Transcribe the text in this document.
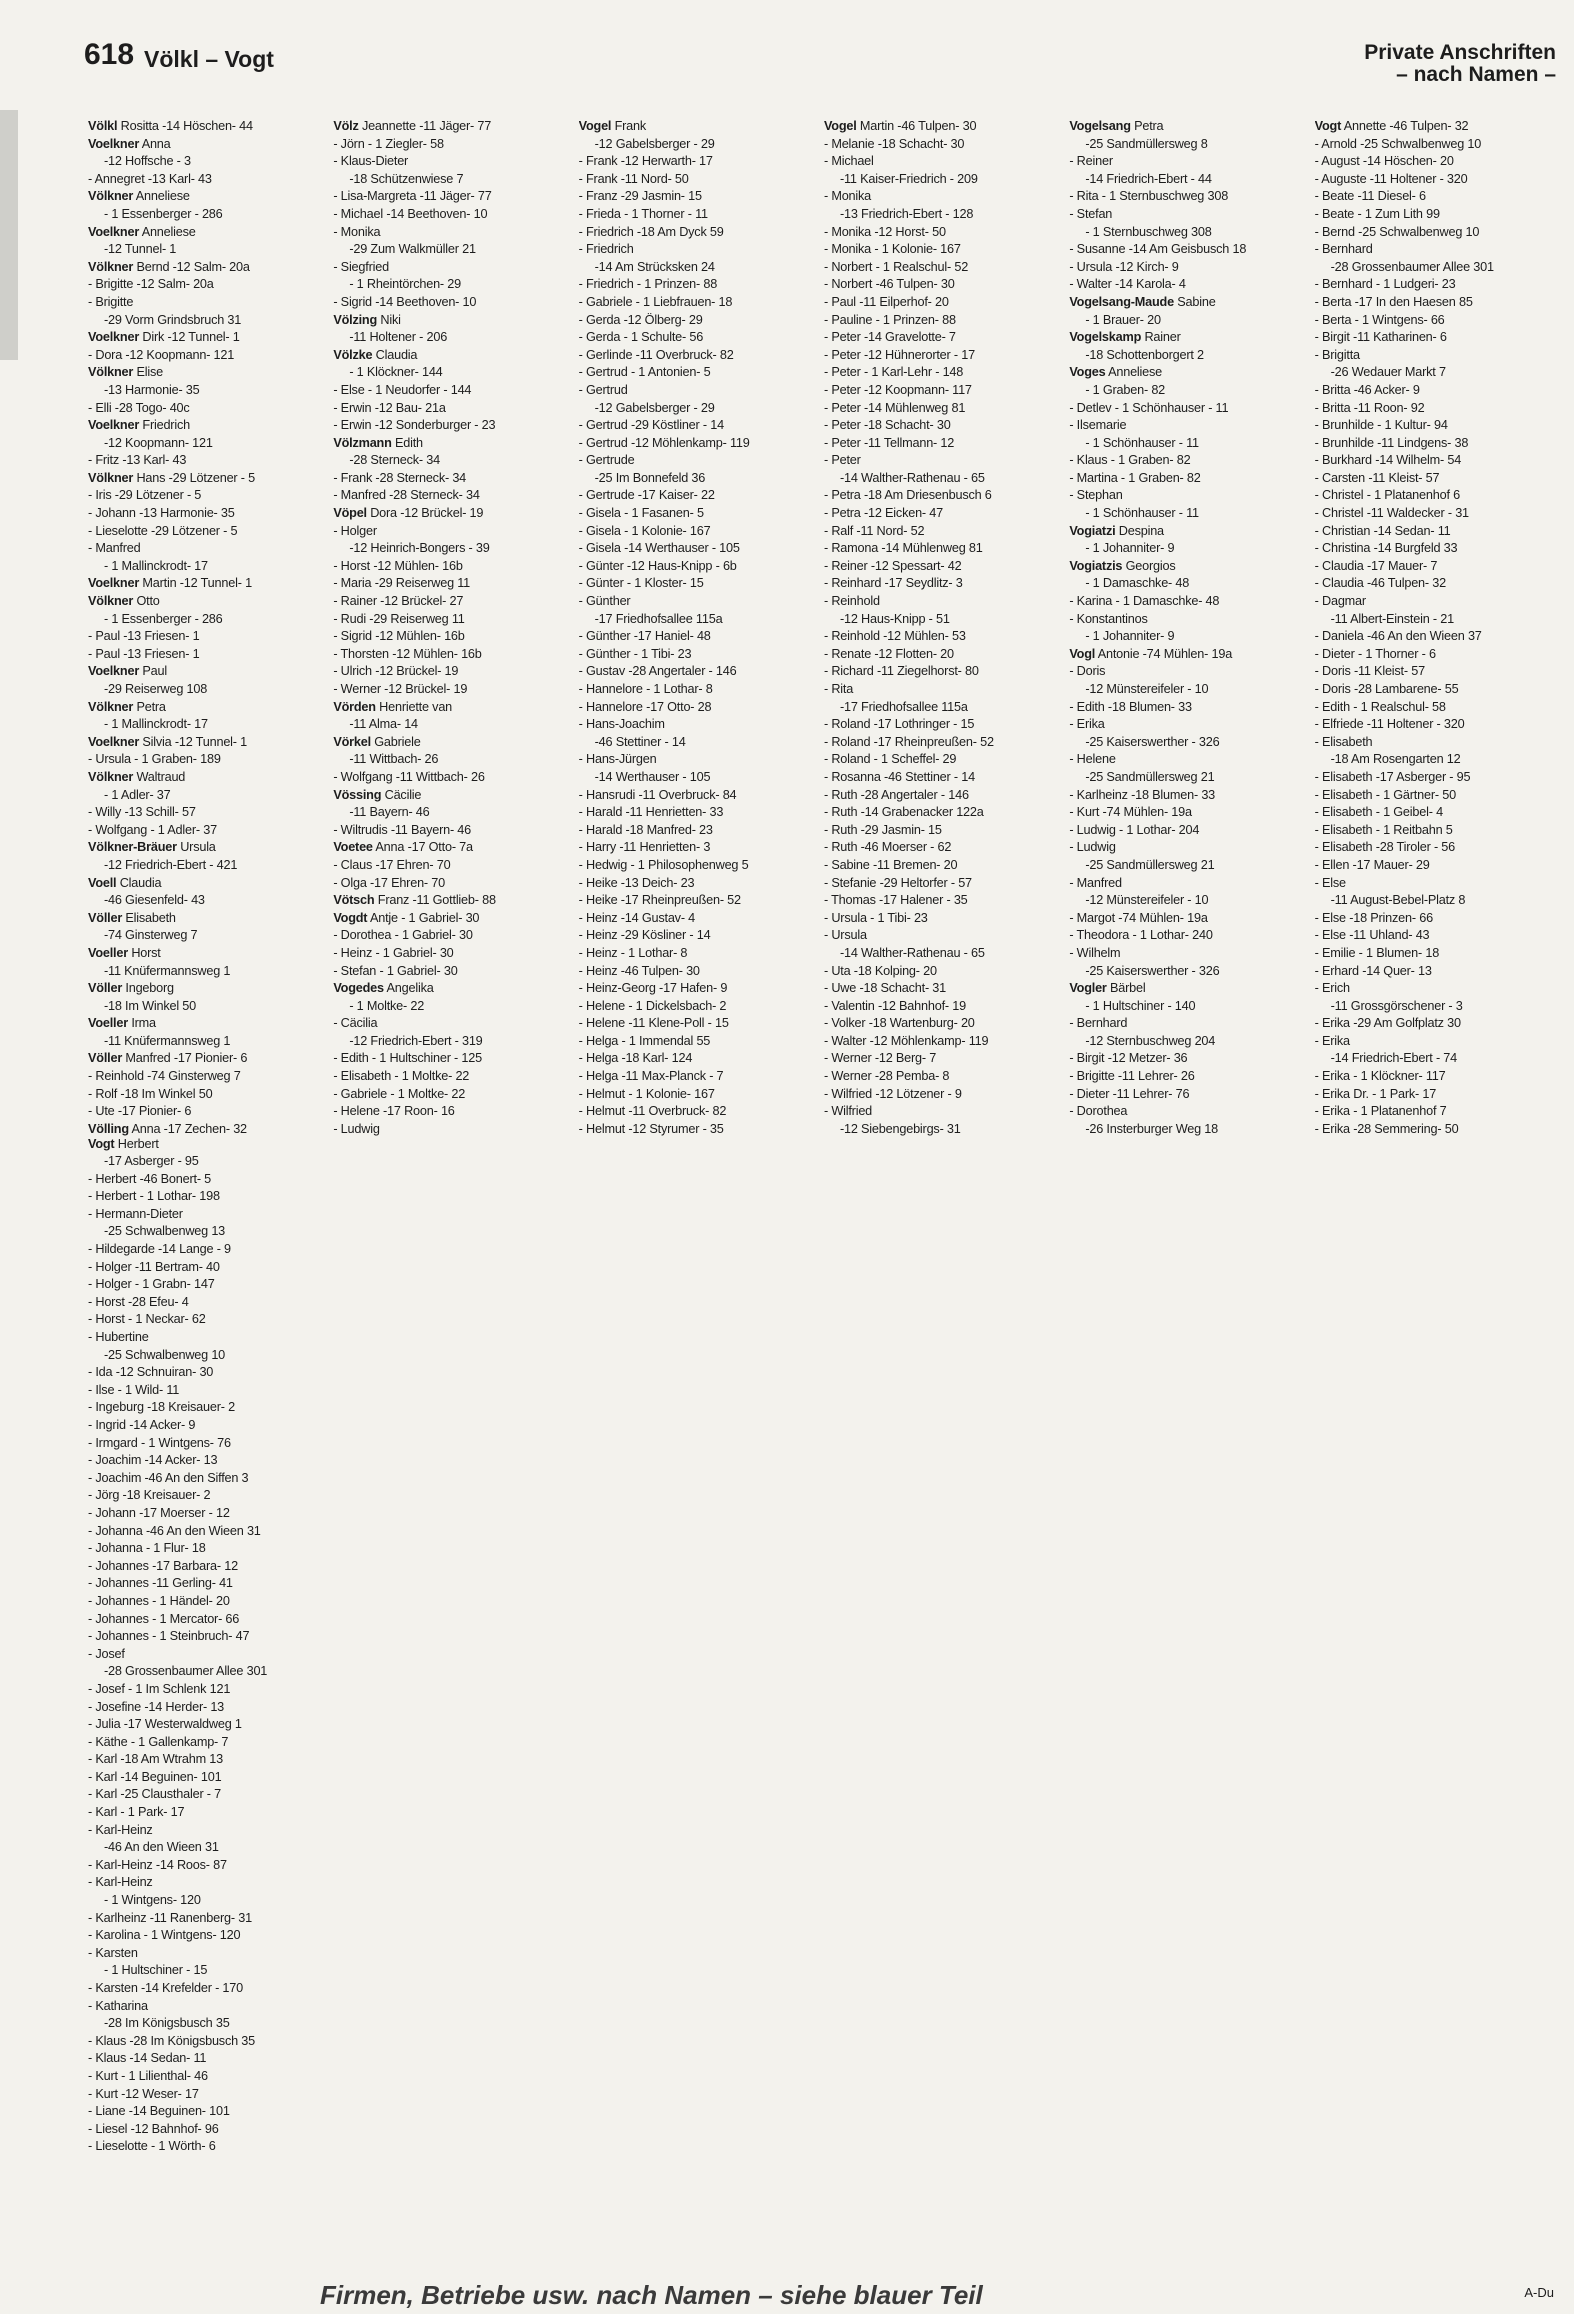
618 Völkl – Vogt	Private Anschriften
– nach Namen –
Völkl Rositta -14 Höschen- 44
Voelkner Anna
-12 Hoffsche - 3
- Annegret -13 Karl- 43
Völkner Anneliese
- 1 Essenberger - 286
Voelkner Anneliese
-12 Tunnel- 1
Völkner Bernd -12 Salm- 20a
- Brigitte -12 Salm- 20a
- Brigitte
-29 Vorm Grindsbruch 31
Voelkner Dirk -12 Tunnel- 1
- Dora -12 Koopmann- 121
Völkner Elise
-13 Harmonie- 35
- Elli -28 Togo- 40c
Voelkner Friedrich
-12 Koopmann- 121
- Fritz -13 Karl- 43
Völkner Hans -29 Lötzener - 5
- Iris -29 Lötzener - 5
- Johann -13 Harmonie- 35
- Lieselotte -29 Lötzener - 5
- Manfred
- 1 Mallinckrodt- 17
Voelkner Martin -12 Tunnel- 1
Völkner Otto
- 1 Essenberger - 286
- Paul -13 Friesen- 1
- Paul -13 Friesen- 1
Voelkner Paul
-29 Reiserweg 108
Völkner Petra
- 1 Mallinckrodt- 17
Voelkner Silvia -12 Tunnel- 1
- Ursula - 1 Graben- 189
Völkner Waltraud
- 1 Adler- 37
- Willy -13 Schill- 57
- Wolfgang - 1 Adler- 37
Völkner-Bräuer Ursula
-12 Friedrich-Ebert - 421
Voell Claudia
-46 Giesenfeld- 43
Völler Elisabeth
-74 Ginsterweg 7
Voeller Horst
-11 Knüfermannsweg 1
Völler Ingeborg
-18 Im Winkel 50
Voeller Irma
-11 Knüfermannsweg 1
Völler Manfred -17 Pionier- 6
- Reinhold -74 Ginsterweg 7
- Rolf -18 Im Winkel 50
- Ute -17 Pionier- 6
Völling Anna -17 Zechen- 32
Völz Jeannette -11 Jäger- 77
- Jörn - 1 Ziegler- 58
- Klaus-Dieter
-18 Schützenwiese 7
- Lisa-Margreta -11 Jäger- 77
- Michael -14 Beethoven- 10
- Monika
-29 Zum Walkmüller 21
- Siegfried
- 1 Rheintörchen- 29
- Sigrid -14 Beethoven- 10
Völzing Niki
-11 Holtener - 206
Völzke Claudia
- 1 Klöckner- 144
- Else - 1 Neudorfer - 144
- Erwin -12 Bau- 21a
- Erwin -12 Sonderburger - 23
Völzmann Edith
-28 Sterneck- 34
- Frank -28 Sterneck- 34
- Manfred -28 Sterneck- 34
Vöpel Dora -12 Brückel- 19
- Holger
-12 Heinrich-Bongers - 39
- Horst -12 Mühlen- 16b
- Maria -29 Reiserweg 11
- Rainer -12 Brückel- 27
- Rudi -29 Reiserweg 11
- Sigrid -12 Mühlen- 16b
- Thorsten -12 Mühlen- 16b
- Ulrich -12 Brückel- 19
- Werner -12 Brückel- 19
Vörden Henriette van
-11 Alma- 14
Vörkel Gabriele
-11 Wittbach- 26
- Wolfgang -11 Wittbach- 26
Vössing Cäcilie
-11 Bayern- 46
- Wiltrudis -11 Bayern- 46
Voetee Anna -17 Otto- 7a
- Claus -17 Ehren- 70
- Olga -17 Ehren- 70
Vötsch Franz -11 Gottlieb- 88
Vogdt Antje - 1 Gabriel- 30
- Dorothea - 1 Gabriel- 30
- Heinz - 1 Gabriel- 30
- Stefan - 1 Gabriel- 30
Vogedes Angelika
- 1 Moltke- 22
- Cäcilia
-12 Friedrich-Ebert - 319
- Edith - 1 Hultschiner - 125
- Elisabeth - 1 Moltke- 22
- Gabriele - 1 Moltke- 22
- Helene -17 Roon- 16
- Ludwig
Vogel Frank
-12 Gabelsberger - 29
- Frank -12 Herwarth- 17
- Frank -11 Nord- 50
- Franz -29 Jasmin- 15
- Frieda - 1 Thorner - 11
- Friedrich -18 Am Dyck 59
- Friedrich
-14 Am Strücksken 24
- Friedrich - 1 Prinzen- 88
- Gabriele - 1 Liebfrauen- 18
- Gerda -12 Ölberg- 29
- Gerda - 1 Schulte- 56
- Gerlinde -11 Overbruck- 82
- Gertrud - 1 Antonien- 5
- Gertrud
-12 Gabelsberger - 29
- Gertrud -29 Köstliner - 14
- Gertrud -12 Möhlenkamp- 119
- Gertrude
-25 Im Bonnefeld 36
- Gertrude -17 Kaiser- 22
- Gisela - 1 Fasanen- 5
- Gisela - 1 Kolonie- 167
- Gisela -14 Werthauser - 105
- Günter -12 Haus-Knipp - 6b
- Günter - 1 Kloster- 15
- Günther
-17 Friedhofsallee 115a
- Günther -17 Haniel- 48
- Günther - 1 Tibi- 23
- Gustav -28 Angertaler - 146
- Hannelore - 1 Lothar- 8
- Hannelore -17 Otto- 28
- Hans-Joachim
-46 Stettiner - 14
- Hans-Jürgen
-14 Werthauser - 105
- Hansrudi -11 Overbruck- 84
- Harald -11 Henrietten- 33
- Harald -18 Manfred- 23
- Harry -11 Henrietten- 3
- Hedwig - 1 Philosophenweg 5
- Heike -13 Deich- 23
- Heike -17 Rheinpreußen- 52
- Heinz -14 Gustav- 4
- Heinz -29 Kösliner - 14
- Heinz - 1 Lothar- 8
- Heinz -46 Tulpen- 30
- Heinz-Georg -17 Hafen- 9
- Helene - 1 Dickelsbach- 2
- Helene -11 Klene-Poll - 15
- Helga - 1 Immendal 55
- Helga -18 Karl- 124
- Helga -11 Max-Planck - 7
- Helmut - 1 Kolonie- 167
- Helmut -11 Overbruck- 82
- Helmut -12 Styrumer - 35
Vogel Martin -46 Tulpen- 30
- Melanie -18 Schacht- 30
- Michael
-11 Kaiser-Friedrich - 209
- Monika
-13 Friedrich-Ebert - 128
- Monika -12 Horst- 50
- Monika - 1 Kolonie- 167
- Norbert - 1 Realschul- 52
- Norbert -46 Tulpen- 30
- Paul -11 Eilperhof- 20
- Pauline - 1 Prinzen- 88
- Peter -14 Gravelotte- 7
- Peter -12 Hühnerorter - 17
- Peter - 1 Karl-Lehr - 148
- Peter -12 Koopmann- 117
- Peter -14 Mühlenweg 81
- Peter -18 Schacht- 30
- Peter -11 Tellmann- 12
- Peter
-14 Walther-Rathenau - 65
- Petra -18 Am Driesenbusch 6
- Petra -12 Eicken- 47
- Ralf -11 Nord- 52
- Ramona -14 Mühlenweg 81
- Reiner -12 Spessart- 42
- Reinhard -17 Seydlitz- 3
- Reinhold
-12 Haus-Knipp - 51
- Reinhold -12 Mühlen- 53
- Renate -12 Flotten- 20
- Richard -11 Ziegelhorst- 80
- Rita
-17 Friedhofsallee 115a
- Roland -17 Lothringer - 15
- Roland -17 Rheinpreußen- 52
- Roland - 1 Scheffel- 29
- Rosanna -46 Stettiner - 14
- Ruth -28 Angertaler - 146
- Ruth -14 Grabenacker 122a
- Ruth -29 Jasmin- 15
- Ruth -46 Moerser - 62
- Sabine -11 Bremen- 20
- Stefanie -29 Heltorfer - 57
- Thomas -17 Halener - 35
- Ursula - 1 Tibi- 23
- Ursula
-14 Walther-Rathenau - 65
- Uta -18 Kolping- 20
- Uwe -18 Schacht- 31
- Valentin -12 Bahnhof- 19
- Volker -18 Wartenburg- 20
- Walter -12 Möhlenkamp- 119
- Werner -12 Berg- 7
- Werner -28 Pemba- 8
- Wilfried -12 Lötzener - 9
- Wilfried
-12 Siebengebirgs- 31
Vogelsang Petra
-25 Sandmüllersweg 8
- Reiner
-14 Friedrich-Ebert - 44
- Rita - 1 Sternbuschweg 308
- Stefan
- 1 Sternbuschweg 308
- Susanne -14 Am Geisbusch 18
- Ursula -12 Kirch- 9
- Walter -14 Karola- 4
Vogelsang-Maude Sabine
- 1 Brauer- 20
Vogelskamp Rainer
-18 Schottenborgert 2
Voges Anneliese
- 1 Graben- 82
- Detlev - 1 Schönhauser - 11
- Ilsemarie
- 1 Schönhauser - 11
- Klaus - 1 Graben- 82
- Martina - 1 Graben- 82
- Stephan
- 1 Schönhauser - 11
Vogiatzi Despina
- 1 Johanniter- 9
Vogiatzis Georgios
- 1 Damaschke- 48
- Karina - 1 Damaschke- 48
- Konstantinos
- 1 Johanniter- 9
Vogl Antonie -74 Mühlen- 19a
- Doris
-12 Münstereifeler - 10
- Edith -18 Blumen- 33
- Erika
-25 Kaiserswerther - 326
- Helene
-25 Sandmüllersweg 21
- Karlheinz -18 Blumen- 33
- Kurt -74 Mühlen- 19a
- Ludwig - 1 Lothar- 204
- Ludwig
-25 Sandmüllersweg 21
- Manfred
-12 Münstereifeler - 10
- Margot -74 Mühlen- 19a
- Theodora - 1 Lothar- 240
- Wilhelm
-25 Kaiserswerther - 326
Vogler Bärbel
- 1 Hultschiner - 140
- Bernhard
-12 Sternbuschweg 204
- Birgit -12 Metzer- 36
- Brigitte -11 Lehrer- 26
- Dieter -11 Lehrer- 76
- Dorothea
-26 Insterburger Weg 18
Vogt Annette -46 Tulpen- 32
- Arnold -25 Schwalbenweg 10
- August -14 Höschen- 20
- Auguste -11 Holtener - 320
- Beate -11 Diesel- 6
- Beate - 1 Zum Lith 99
- Bernd -25 Schwalbenweg 10
- Bernhard
-28 Grossenbaumer Allee 301
- Bernhard - 1 Ludgeri- 23
- Berta -17 In den Haesen 85
- Berta - 1 Wintgens- 66
- Birgit -11 Katharinen- 6
- Brigitta
-26 Wedauer Markt 7
- Britta -46 Acker- 9
- Britta -11 Roon- 92
- Brunhilde - 1 Kultur- 94
- Brunhilde -11 Lindgens- 38
- Burkhard -14 Wilhelm- 54
- Carsten -11 Kleist- 57
- Christel - 1 Platanenhof 6
- Christel -11 Waldecker - 31
- Christian -14 Sedan- 11
- Christina -14 Burgfeld 33
- Claudia -17 Mauer- 7
- Claudia -46 Tulpen- 32
- Dagmar
-11 Albert-Einstein - 21
- Daniela -46 An den Wieen 37
- Dieter - 1 Thorner - 6
- Doris -11 Kleist- 57
- Doris -28 Lambarene- 55
- Edith - 1 Realschul- 58
- Elfriede -11 Holtener - 320
- Elisabeth
-18 Am Rosengarten 12
- Elisabeth -17 Asberger - 95
- Elisabeth - 1 Gärtner- 50
- Elisabeth - 1 Geibel- 4
- Elisabeth - 1 Reitbahn 5
- Elisabeth -28 Tiroler - 56
- Ellen -17 Mauer- 29
- Else
-11 August-Bebel-Platz 8
- Else -18 Prinzen- 66
- Else -11 Uhland- 43
- Emilie - 1 Blumen- 18
- Erhard -14 Quer- 13
- Erich
-11 Grossgörschener - 3
- Erika -29 Am Golfplatz 30
- Erika
-14 Friedrich-Ebert - 74
- Erika - 1 Klöckner- 117
- Erika Dr. - 1 Park- 17
- Erika - 1 Platanenhof 7
- Erika -28 Semmering- 50
Vogt Herbert
-17 Asberger - 95
- Herbert -46 Bonert- 5
- Herbert - 1 Lothar- 198
- Hermann-Dieter
-25 Schwalbenweg 13
- Hildegarde -14 Lange - 9
- Holger -11 Bertram- 40
- Holger - 1 Grabn- 147
- Horst -28 Efeu- 4
- Horst - 1 Neckar- 62
- Hubertine
-25 Schwalbenweg 10
- Ida -12 Schnuiran- 30
- Ilse - 1 Wild- 11
- Ingeburg -18 Kreisauer- 2
- Ingrid -14 Acker- 9
- Irmgard - 1 Wintgens- 76
- Joachim -14 Acker- 13
- Joachim -46 An den Siffen 3
- Jörg -18 Kreisauer- 2
- Johann -17 Moerser - 12
- Johanna -46 An den Wieen 31
- Johanna - 1 Flur- 18
- Johannes -17 Barbara- 12
- Johannes -11 Gerling- 41
- Johannes - 1 Händel- 20
- Johannes - 1 Mercator- 66
- Johannes - 1 Steinbruch- 47
- Josef
-28 Grossenbaumer Allee 301
- Josef - 1 Im Schlenk 121
- Josefine -14 Herder- 13
- Julia -17 Westerwaldweg 1
- Käthe - 1 Gallenkamp- 7
- Karl -18 Am Wtrahm 13
- Karl -14 Beguinen- 101
- Karl -25 Clausthaler - 7
- Karl - 1 Park- 17
- Karl-Heinz
-46 An den Wieen 31
- Karl-Heinz -14 Roos- 87
- Karl-Heinz
- 1 Wintgens- 120
- Karlheinz -11 Ranenberg- 31
- Karolina - 1 Wintgens- 120
- Karsten
- 1 Hultschiner - 15
- Karsten -14 Krefelder - 170
- Katharina
-28 Im Königsbusch 35
- Klaus -28 Im Königsbusch 35
- Klaus -14 Sedan- 11
- Kurt - 1 Lilienthal- 46
- Kurt -12 Weser- 17
- Liane -14 Beguinen- 101
- Liesel -12 Bahnhof- 96
- Lieselotte - 1 Wörth- 6
Firmen, Betriebe usw. nach Namen – siehe blauer Teil	A-Du
